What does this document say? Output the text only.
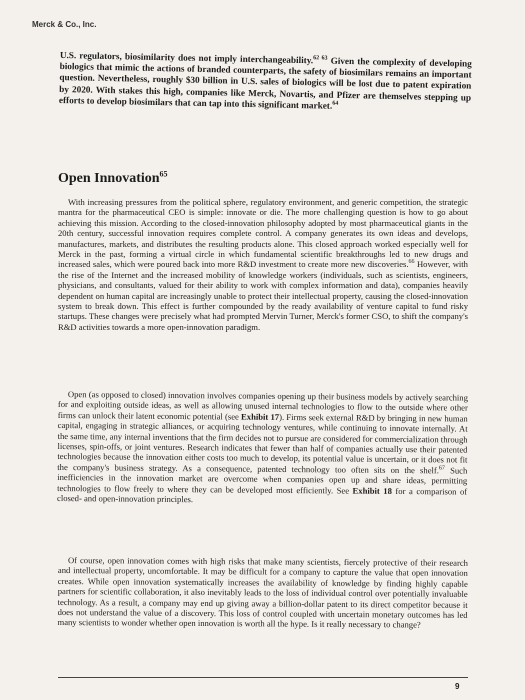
Merck & Co., Inc.
U.S. regulators, biosimilarity does not imply interchangeability.$^{62 63}$ Given the complexity of developing biologics that mimic the actions of branded counterparts, the safety of biosimilars remains an important question. Nevertheless, roughly $30 billion in U.S. sales of biologics will be lost due to patent expiration by 2020. With stakes this high, companies like Merck, Novartis, and Pfizer are themselves stepping up efforts to develop biosimilars that can tap into this significant market.$^{64}$
Open Innovation$^{65}$
With increasing pressures from the political sphere, regulatory environment, and generic competition, the strategic mantra for the pharmaceutical CEO is simple: innovate or die. The more challenging question is how to go about achieving this mission. According to the closed-innovation philosophy adopted by most pharmaceutical giants in the 20th century, successful innovation requires complete control. A company generates its own ideas and develops, manufactures, markets, and distributes the resulting products alone. This closed approach worked especially well for Merck in the past, forming a virtual circle in which fundamental scientific breakthroughs led to new drugs and increased sales, which were poured back into more R&D investment to create more new discoveries.$^{66}$ However, with the rise of the Internet and the increased mobility of knowledge workers (individuals, such as scientists, engineers, physicians, and consultants, valued for their ability to work with complex information and data), companies heavily dependent on human capital are increasingly unable to protect their intellectual property, causing the closed-innovation system to break down. This effect is further compounded by the ready availability of venture capital to fund risky startups. These changes were precisely what had prompted Mervin Turner, Merck's former CSO, to shift the company's R&D activities towards a more open-innovation paradigm.
Open (as opposed to closed) innovation involves companies opening up their business models by actively searching for and exploiting outside ideas, as well as allowing unused internal technologies to flow to the outside where other firms can unlock their latent economic potential (see Exhibit 17). Firms seek external R&D by bringing in new human capital, engaging in strategic alliances, or acquiring technology ventures, while continuing to innovate internally. At the same time, any internal inventions that the firm decides not to pursue are considered for commercialization through licenses, spin-offs, or joint ventures. Research indicates that fewer than half of companies actually use their patented technologies because the innovation either costs too much to develop, its potential value is uncertain, or it does not fit the company's business strategy. As a consequence, patented technology too often sits on the shelf.$^{67}$ Such inefficiencies in the innovation market are overcome when companies open up and share ideas, permitting technologies to flow freely to where they can be developed most efficiently. See Exhibit 18 for a comparison of closed- and open-innovation principles.
Of course, open innovation comes with high risks that make many scientists, fiercely protective of their research and intellectual property, uncomfortable. It may be difficult for a company to capture the value that open innovation creates. While open innovation systematically increases the availability of knowledge by finding highly capable partners for scientific collaboration, it also inevitably leads to the loss of individual control over potentially invaluable technology. As a result, a company may end up giving away a billion-dollar patent to its direct competitor because it does not understand the value of a discovery. This loss of control coupled with uncertain monetary outcomes has led many scientists to wonder whether open innovation is worth all the hype. Is it really necessary to change?
9
